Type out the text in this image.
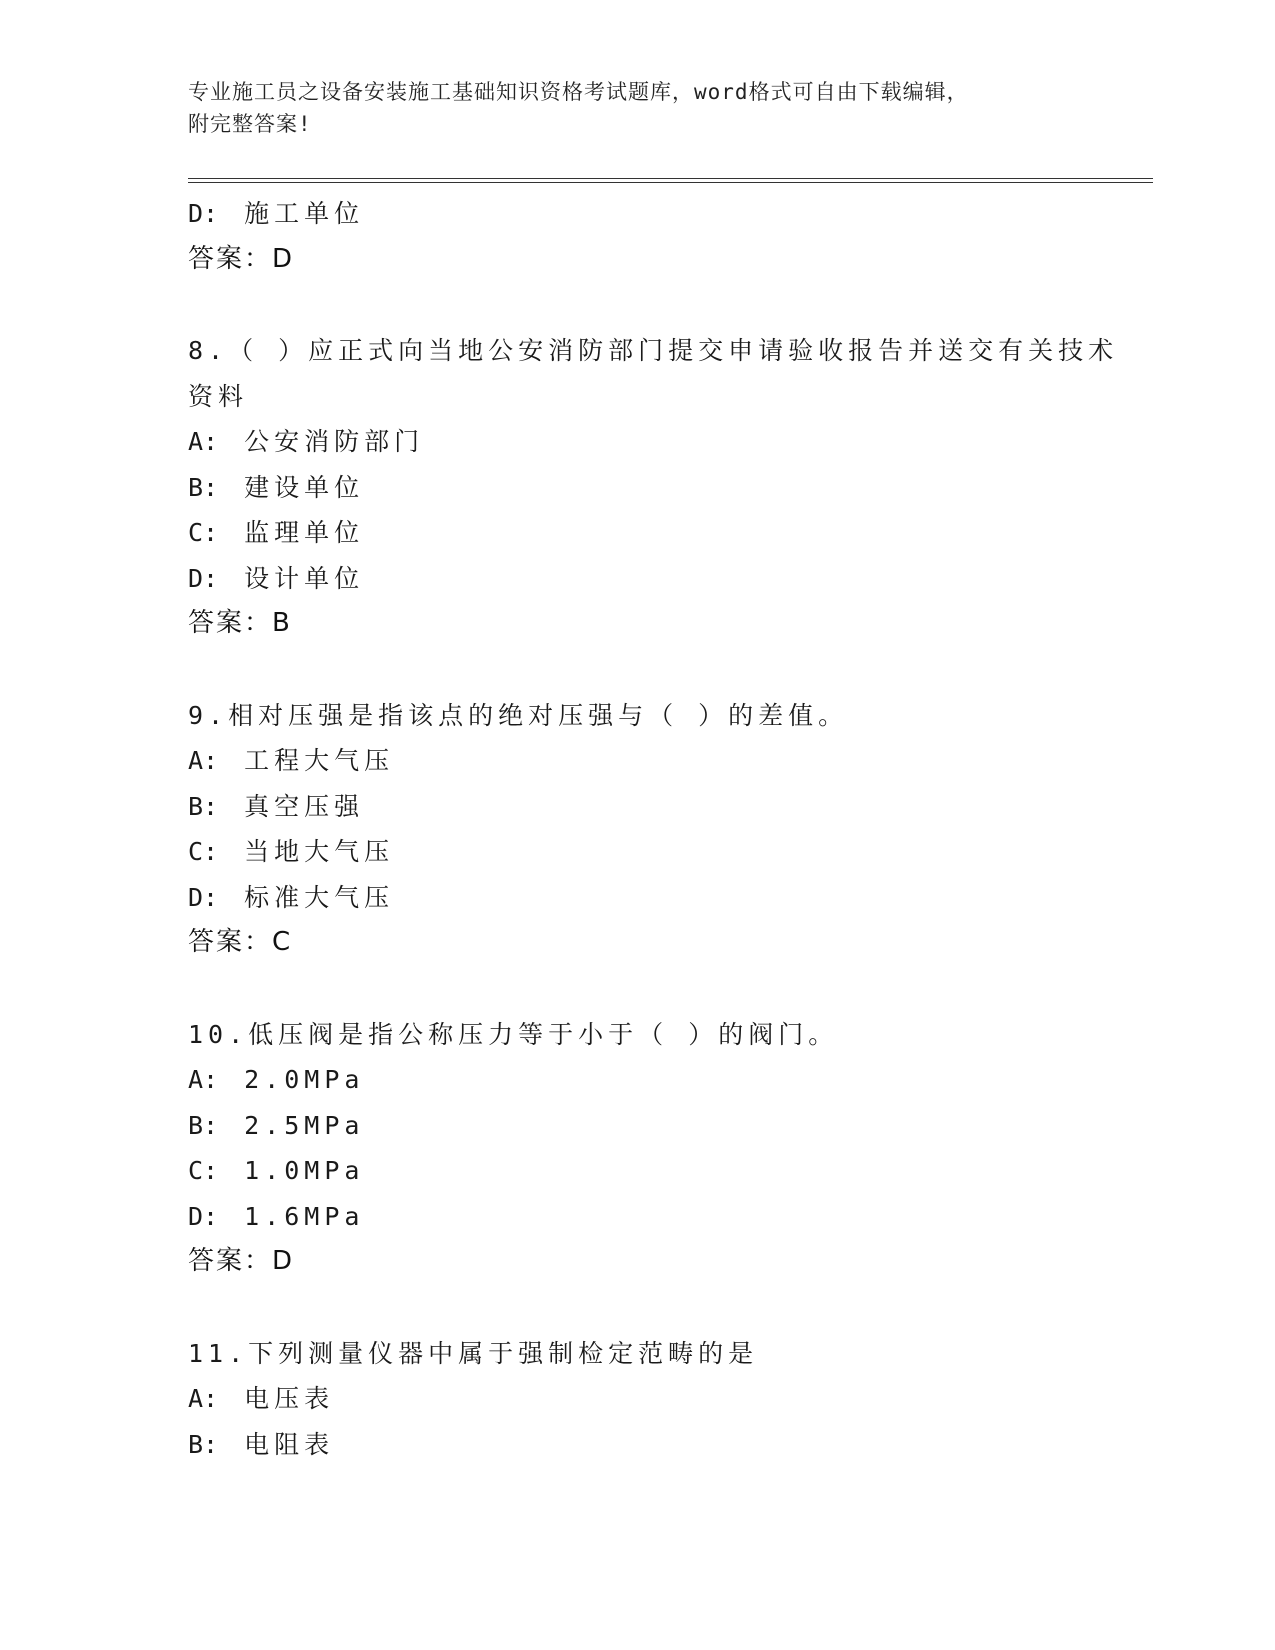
专业施工员之设备安装施工基础知识资格考试题库，word格式可自由下载编辑，
附完整答案!
D: 施工单位
答案：D
8.（ ）应正式向当地公安消防部门提交申请验收报告并送交有关技术
资料
A: 公安消防部门
B: 建设单位
C: 监理单位
D: 设计单位
答案：B
9.相对压强是指该点的绝对压强与（ ）的差值。
A: 工程大气压
B: 真空压强
C: 当地大气压
D: 标准大气压
答案：C
10.低压阀是指公称压力等于小于（ ）的阀门。
A: 2.0MPa
B: 2.5MPa
C: 1.0MPa
D: 1.6MPa
答案：D
11.下列测量仪器中属于强制检定范畴的是
A: 电压表
B: 电阻表
